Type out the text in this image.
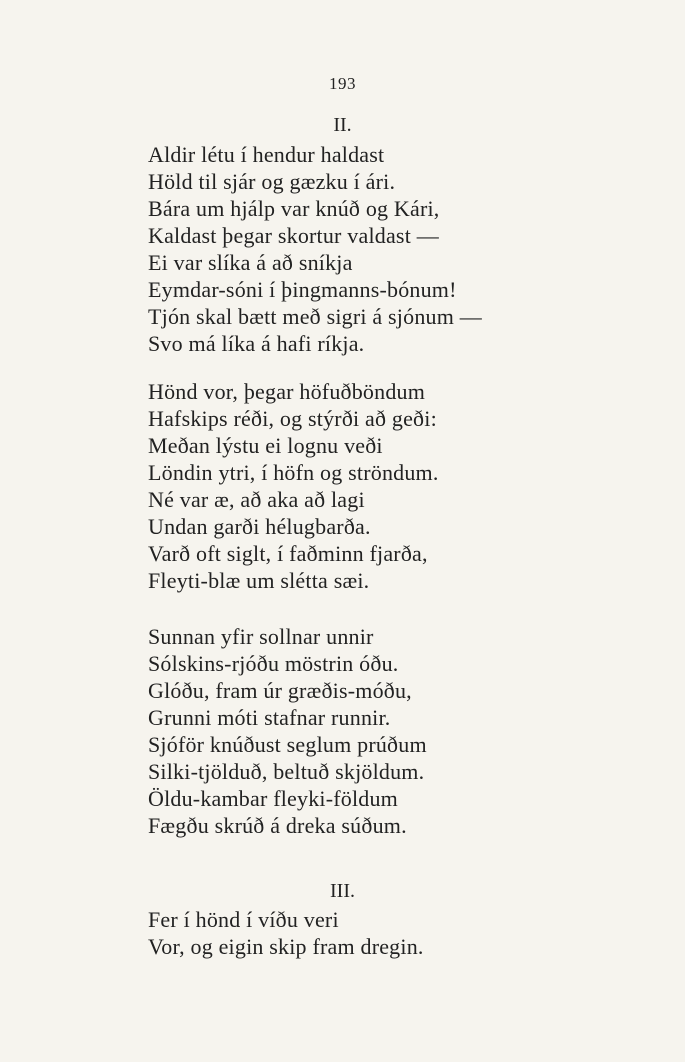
193
II.
Aldir létu í hendur haldast
Höld til sjár og gæzku í ári.
Bára um hjálp var knúð og Kári,
Kaldast þegar skortur valdast —
Ei var slíka á að sníkja
Eymdar-sóni í þingmanns-bónum!
Tjón skal bætt með sigri á sjónum —
Svo má líka á hafi ríkja.
Hönd vor, þegar höfuðböndum
Hafskips réði, og stýrði að geði:
Meðan lýstu ei lognu veði
Löndin ytri, í höfn og ströndum.
Né var æ, að aka að lagi
Undan garði hélugbarða.
Varð oft siglt, í faðminn fjarða,
Fleyti-blæ um slétta sæi.
Sunnan yfir sollnar unnir
Sólskins-rjóðu möstrin óðu.
Glóðu, fram úr græðis-móðu,
Grunni móti stafnar runnir.
Sjóför knúðust seglum prúðum
Silki-tjölduð, beltuð skjöldum.
Öldu-kambar fleyki-földum
Fægðu skrúð á dreka súðum.
III.
Fer í hönd í víðu veri
Vor, og eigin skip fram dregin.
